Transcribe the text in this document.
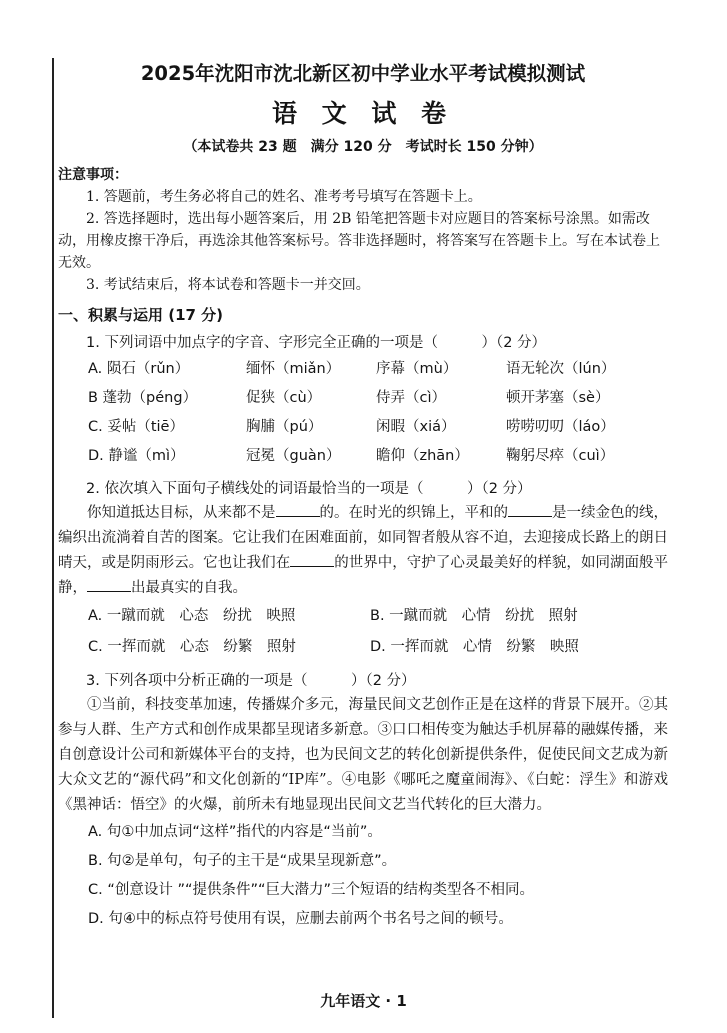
2025年沈阳市沈北新区初中学业水平考试模拟测试
语 文 试 卷
（本试卷共 23 题　满分 120 分　考试时长 150 分钟）
注意事项：
1. 答题前，考生务必将自己的姓名、准考考号填写在答题卡上。
2. 答选择题时，选出每小题答案后，用 2B 铅笔把答题卡对应题目的答案标号涂黑。如需改动，用橡皮擦干净后，再选涂其他答案标号。答非选择题时，将答案写在答题卡上。写在本试卷上无效。
3. 考试结束后，将本试卷和答题卡一并交回。
一、积累与运用 (17 分)
1. 下列词语中加点字的字音、字形完全正确的一项是（　　　）（2 分）
A. 陨石（rǔn）	缅怀（miǎn）	序幕（mù）	语无轮次（lún）
B 蓬勃（péng）	促狭（cù）	侍弄（cì）	顿开茅塞（sè）
C. 妥帖（tiē）	胸脯（pú）	闲暇（xiá）	唠唠叨叨（láo）
D. 静谧（mì）	冠冕（guàn）	瞻仰（zhān）	鞠躬尽瘁（cuì）
2. 依次填入下面句子横线处的词语最恰当的一项是（　　　）（2 分）
你知道抵达目标，从来都不是	的。在时光的织锦上，平和的	是一续金色的线，编织出流淌着自苦的图案。它让我们在困难面前，如同智者般从容不迫，去迎接成长路上的朗日晴天，或是阴雨形云。它也让我们在	的世界中，守护了心灵最美好的样貌，如同湖面般平静，	出最真实的自我。
A. 一蹴而就　心态　纷扰　映照	B. 一蹴而就　心情　纷扰　照射
C. 一挥而就　心态　纷繁　照射	D. 一挥而就　心情　纷繁　映照
3. 下列各项中分析正确的一项是（　　　）（2 分）
①当前，科技变革加速，传播媒介多元，海量民间文艺创作正是在这样的背景下展开。②其参与人群、生产方式和创作成果都呈现诸多新意。③口口相传变为触达手机屏幕的融媒传播，来自创意设计公司和新媒体平台的支持，也为民间文艺的转化创新提供条件，促使民间文艺成为新大众文艺的“源代码”和文化创新的“IP库”。④电影《哪吒之魔童闹海》、《白蛇：浮生》和游戏《黑神话：悟空》的火爆，前所未有地显现出民间文艺当代转化的巨大潜力。
A. 句①中加点词“这样”指代的内容是“当前”。
B. 句②是单句，句子的主干是“成果呈现新意”。
C. “创意设计 ”“提供条件”“巨大潜力”三个短语的结构类型各不相同。
D. 句④中的标点符号使用有误，应删去前两个书名号之间的顿号。
九年语文 · 1
